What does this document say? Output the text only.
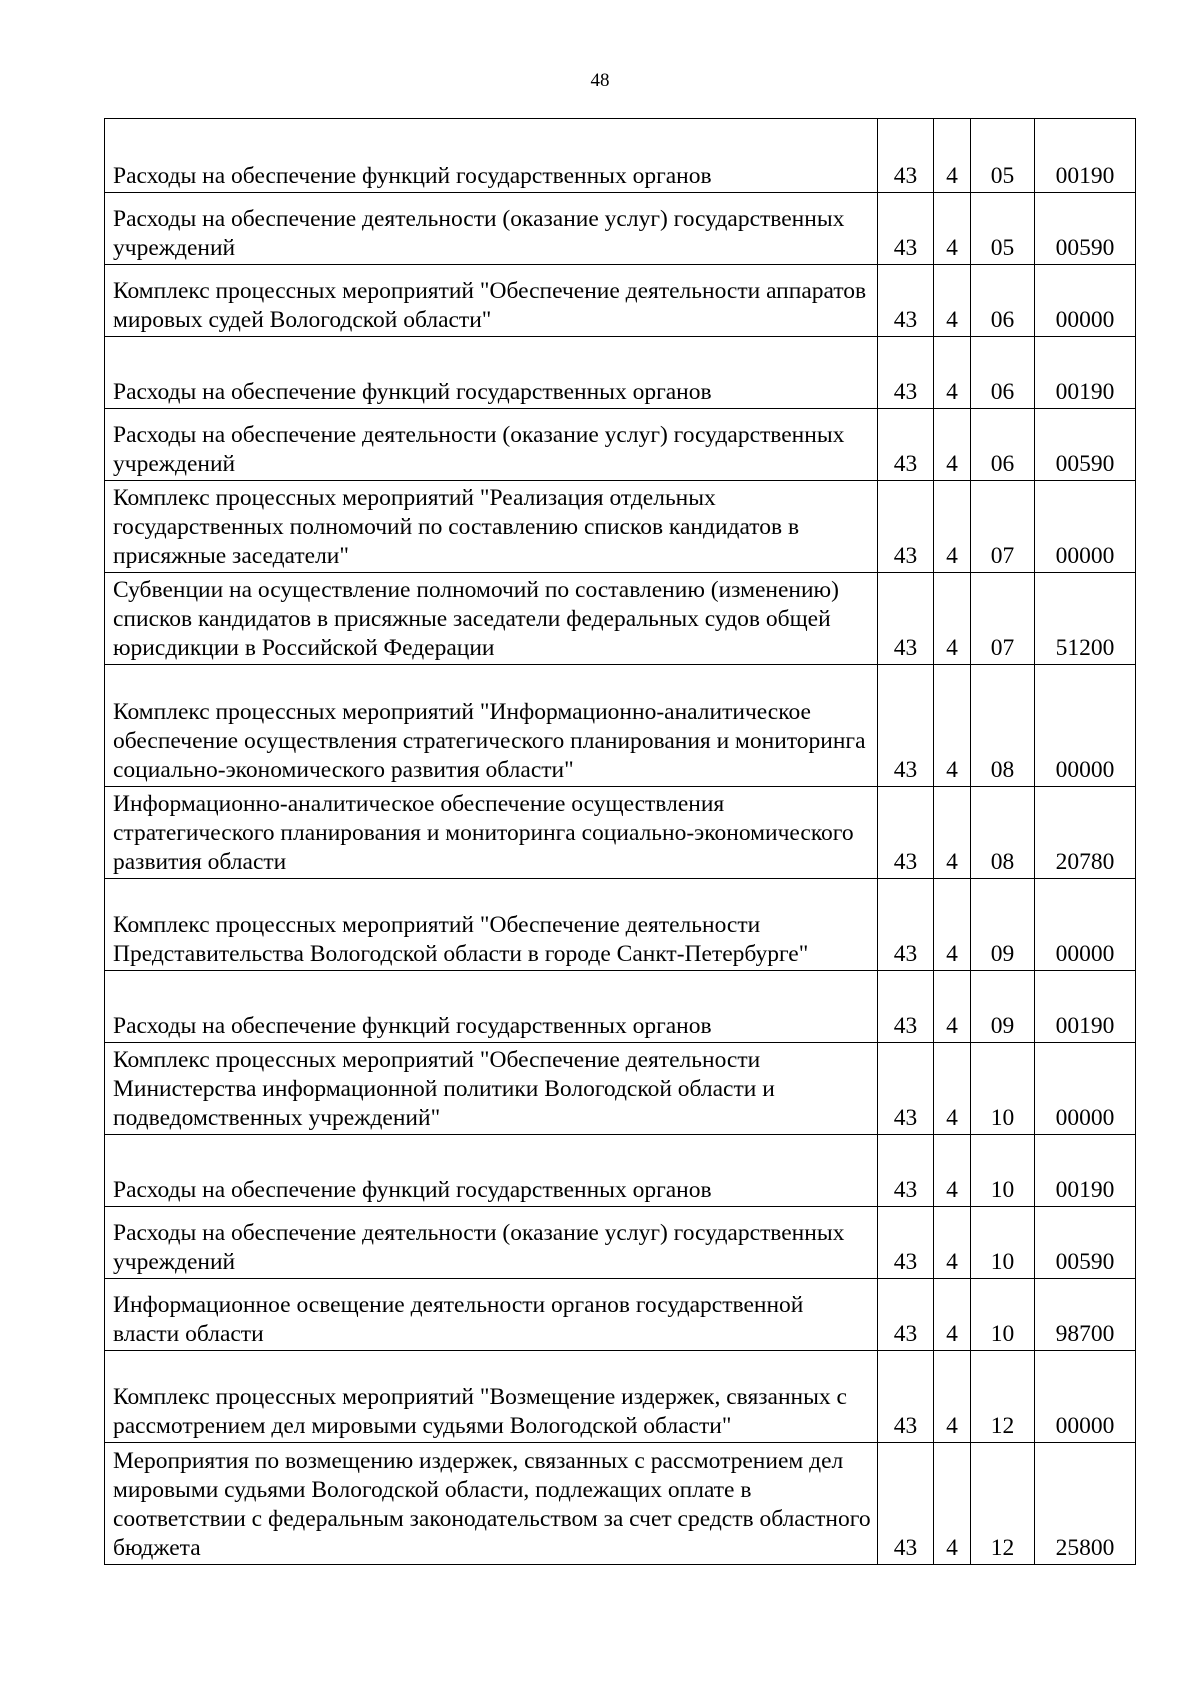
48
Расходы на обеспечение функций государственных органов	43	4	05	00190
Расходы на обеспечение деятельности (оказание услуг) государственных учреждений	43	4	05	00590
Комплекс процессных мероприятий "Обеспечение деятельности аппаратов мировых судей Вологодской области"	43	4	06	00000
Расходы на обеспечение функций государственных органов	43	4	06	00190
Расходы на обеспечение деятельности (оказание услуг) государственных учреждений	43	4	06	00590
Комплекс процессных мероприятий "Реализация отдельных государственных полномочий по составлению списков кандидатов в присяжные заседатели"	43	4	07	00000
Субвенции на осуществление полномочий по составлению (изменению) списков кандидатов в присяжные заседатели федеральных судов общей юрисдикции в Российской Федерации	43	4	07	51200
Комплекс процессных мероприятий "Информационно-аналитическое обеспечение осуществления стратегического планирования и мониторинга социально-экономического развития области"	43	4	08	00000
Информационно-аналитическое обеспечение осуществления стратегического планирования и мониторинга социально-экономического развития области	43	4	08	20780
Комплекс процессных мероприятий "Обеспечение деятельности Представительства Вологодской области в городе Санкт-Петербурге"	43	4	09	00000
Расходы на обеспечение функций государственных органов	43	4	09	00190
Комплекс процессных мероприятий "Обеспечение деятельности Министерства информационной политики Вологодской области и подведомственных учреждений"	43	4	10	00000
Расходы на обеспечение функций государственных органов	43	4	10	00190
Расходы на обеспечение деятельности (оказание услуг) государственных учреждений	43	4	10	00590
Информационное освещение деятельности органов государственной власти области	43	4	10	98700
Комплекс процессных мероприятий "Возмещение издержек, связанных с рассмотрением дел мировыми судьями Вологодской области"	43	4	12	00000
Мероприятия по возмещению издержек, связанных с рассмотрением дел мировыми судьями Вологодской области, подлежащих оплате в соответствии с федеральным законодательством за счет средств областного бюджета	43	4	12	25800
